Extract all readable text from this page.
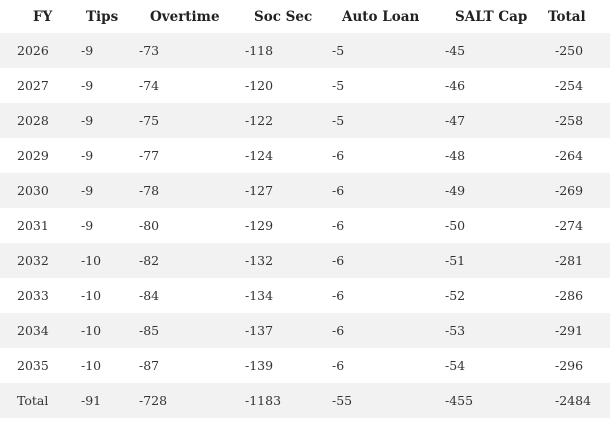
FY	Tips	Overtime	Soc Sec	Auto Loan	SALT Cap	Total
2026	-9	-73	-118	-5	-45	-250
2027	-9	-74	-120	-5	-46	-254
2028	-9	-75	-122	-5	-47	-258
2029	-9	-77	-124	-6	-48	-264
2030	-9	-78	-127	-6	-49	-269
2031	-9	-80	-129	-6	-50	-274
2032	-10	-82	-132	-6	-51	-281
2033	-10	-84	-134	-6	-52	-286
2034	-10	-85	-137	-6	-53	-291
2035	-10	-87	-139	-6	-54	-296
Total	-91	-728	-1183	-55	-455	-2484
